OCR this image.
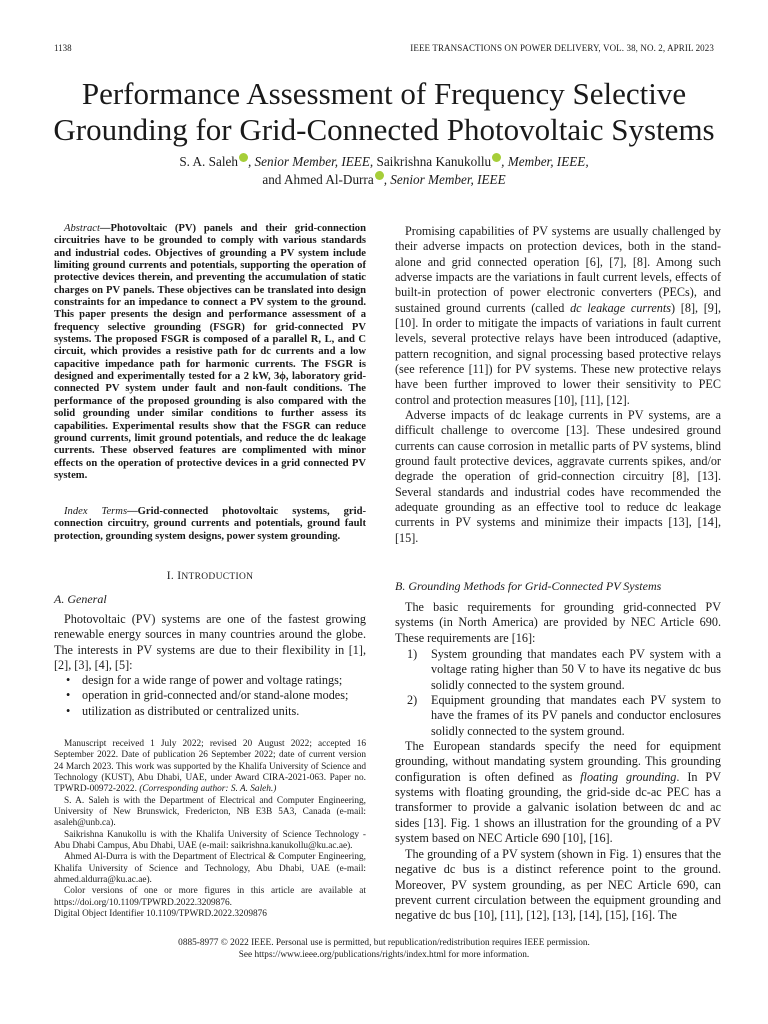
1138	IEEE TRANSACTIONS ON POWER DELIVERY, VOL. 38, NO. 2, APRIL 2023
Performance Assessment of Frequency Selective Grounding for Grid-Connected Photovoltaic Systems
S. A. Saleh , Senior Member, IEEE, Saikrishna Kanukollu , Member, IEEE,
and Ahmed Al-Durra , Senior Member, IEEE

Abstract—Photovoltaic (PV) panels and their grid-connection circuitries have to be grounded to comply with various standards and industrial codes. Objectives of grounding a PV system include limiting ground currents and potentials, supporting the operation of protective devices therein, and preventing the accumulation of static charges on PV panels. These objectives can be translated into design constraints for an impedance to connect a PV system to the ground. This paper presents the design and performance assessment of a frequency selective grounding (FSGR) for grid-connected PV systems. The proposed FSGR is composed of a parallel R, L, and C circuit, which provides a resistive path for dc currents and a low capacitive impedance path for harmonic currents. The FSGR is designed and experimentally tested for a 2 kW, 3ϕ, laboratory grid-connected PV system under fault and non-fault conditions. The performance of the proposed grounding is also compared with the solid grounding under similar conditions to further assess its capabilities. Experimental results show that the FSGR can reduce ground currents, limit ground potentials, and reduce the dc leakage currents. These observed features are complimented with minor effects on the operation of protective devices in a grid connected PV system.

Index Terms—Grid-connected photovoltaic systems, grid-connection circuitry, ground currents and potentials, ground fault protection, grounding system designs, power system grounding.

I. INTRODUCTION
A. General

Photovoltaic (PV) systems are one of the fastest growing renewable energy sources in many countries around the globe. The interests in PV systems are due to their flexibility in [1], [2], [3], [4], [5]:

• design for a wide range of power and voltage ratings;
• operation in grid-connected and/or stand-alone modes;
• utilization as distributed or centralized units.

Manuscript received 1 July 2022; revised 20 August 2022; accepted 16 September 2022. Date of publication 26 September 2022; date of current version 24 March 2023. This work was supported by the Khalifa University of Science and Technology (KUST), Abu Dhabi, UAE, under Award CIRA-2021-063. Paper no. TPWRD-00972-2022. (Corresponding author: S. A. Saleh.)

S. A. Saleh is with the Department of Electrical and Computer Engineering, University of New Brunswick, Fredericton, NB E3B 5A3, Canada (e-mail: asaleh@unb.ca).

Saikrishna Kanukollu is with the Khalifa University of Science Technology - Abu Dhabi Campus, Abu Dhabi, UAE (e-mail: saikrishna.kanukollu@ku.ac.ae).

Ahmed Al-Durra is with the Department of Electrical & Computer Engineering, Khalifa University of Science and Technology, Abu Dhabi, UAE (e-mail: ahmed.aldurra@ku.ac.ae).

Color versions of one or more figures in this article are available at https://doi.org/10.1109/TPWRD.2022.3209876.

Digital Object Identifier 10.1109/TPWRD.2022.3209876

Promising capabilities of PV systems are usually challenged by their adverse impacts on protection devices, both in the stand-alone and grid connected operation [6], [7], [8]. Among such adverse impacts are the variations in fault current levels, effects of built-in protection of power electronic converters (PECs), and sustained ground currents (called dc leakage currents) [8], [9], [10]. In order to mitigate the impacts of variations in fault current levels, several protective relays have been introduced (adaptive, pattern recognition, and signal processing based protective relays (see reference [11]) for PV systems. These new protective relays have been further improved to lower their sensitivity to PEC control and protection measures [10], [11], [12].

Adverse impacts of dc leakage currents in PV systems, are a difficult challenge to overcome [13]. These undesired ground currents can cause corrosion in metallic parts of PV systems, blind ground fault protective devices, aggravate currents spikes, and/or degrade the operation of grid-connection circuitry [8], [13]. Several standards and industrial codes have recommended the adequate grounding as an effective tool to reduce dc leakage currents in PV systems and minimize their impacts [13], [14], [15].

B. Grounding Methods for Grid-Connected PV Systems

The basic requirements for grounding grid-connected PV systems (in North America) are provided by NEC Article 690. These requirements are [16]:

1) System grounding that mandates each PV system with a voltage rating higher than 50 V to have its negative dc bus solidly connected to the system ground.
2) Equipment grounding that mandates each PV system to have the frames of its PV panels and conductor enclosures solidly connected to the system ground.

The European standards specify the need for equipment grounding, without mandating system grounding. This grounding configuration is often defined as floating grounding. In PV systems with floating grounding, the grid-side dc-ac PEC has a transformer to provide a galvanic isolation between dc and ac sides [13]. Fig. 1 shows an illustration for the grounding of a PV system based on NEC Article 690 [10], [16].

The grounding of a PV system (shown in Fig. 1) ensures that the negative dc bus is a distinct reference point to the ground. Moreover, PV system grounding, as per NEC Article 690, can prevent current circulation between the equipment grounding and negative dc bus [10], [11], [12], [13], [14], [15], [16]. The

0885-8977 © 2022 IEEE. Personal use is permitted, but republication/redistribution requires IEEE permission.
See https://www.ieee.org/publications/rights/index.html for more information.
